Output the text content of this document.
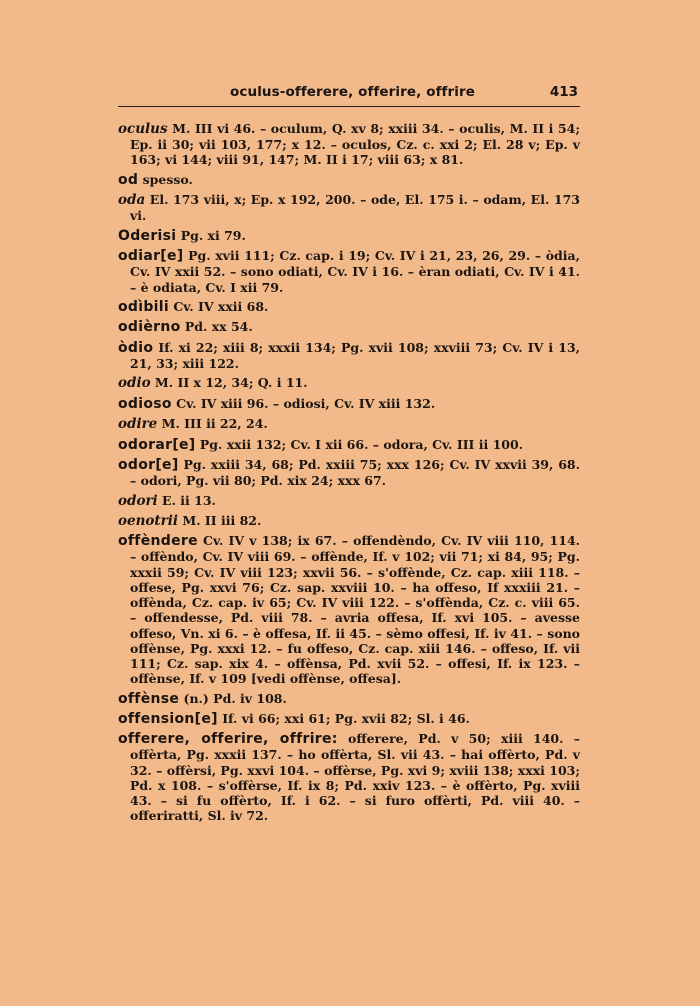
oculus-offerere, offerire, offrire	413
oculus M. III vi 46. – oculum, Q. xv 8; xxiii 34. – oculis, M. II i 54; Ep. ii 30; vii 103, 177; x 12. – oculos, Cz. c. xxi 2; El. 28 v; Ep. v 163; vi 144; viii 91, 147; M. II i 17; viii 63; x 81.
od spesso.
oda El. 173 viii, x; Ep. x 192, 200. – ode, El. 175 i. – odam, El. 173 vi.
Oderisi Pg. xi 79.
odiar[e] Pg. xvii 111; Cz. cap. i 19; Cv. IV i 21, 23, 26, 29. – òdia, Cv. IV xxii 52. – sono odiati, Cv. IV i 16. – èran odiati, Cv. IV i 41. – è odiata, Cv. I xii 79.
odìbili Cv. IV xxii 68.
odièrno Pd. xx 54.
òdio If. xi 22; xiii 8; xxxii 134; Pg. xvii 108; xxviii 73; Cv. IV i 13, 21, 33; xiii 122.
odio M. II x 12, 34; Q. i 11.
odioso Cv. IV xiii 96. – odiosi, Cv. IV xiii 132.
odire M. III ii 22, 24.
odorar[e] Pg. xxii 132; Cv. I xii 66. – odora, Cv. III ii 100.
odor[e] Pg. xxiii 34, 68; Pd. xxiii 75; xxx 126; Cv. IV xxvii 39, 68. – odori, Pg. vii 80; Pd. xix 24; xxx 67.
odori E. ii 13.
oenotrii M. II iii 82.
offèndere Cv. IV v 138; ix 67. – offendèndo, Cv. IV viii 110, 114. – offèndo, Cv. IV viii 69. – offènde, If. v 102; vii 71; xi 84, 95; Pg. xxxii 59; Cv. IV viii 123; xxvii 56. – s'offènde, Cz. cap. xiii 118. – offese, Pg. xxvi 76; Cz. sap. xxviii 10. – ha offeso, If xxxiii 21. – offènda, Cz. cap. iv 65; Cv. IV viii 122. – s'offènda, Cz. c. viii 65. – offendesse, Pd. viii 78. – avria offesa, If. xvi 105. – avesse offeso, Vn. xi 6. – è offesa, If. ii 45. – sèmo offesi, If. iv 41. – sono offènse, Pg. xxxi 12. – fu offeso, Cz. cap. xiii 146. – offeso, If. vii 111; Cz. sap. xix 4. – offènsa, Pd. xvii 52. – offesi, If. ix 123. – offènse, If. v 109 [vedi offènse, offesa].
offènse (n.) Pd. iv 108.
offension[e] If. vi 66; xxi 61; Pg. xvii 82; Sl. i 46.
offerere, offerire, offrire: offerere, Pd. v 50; xiii 140. – offèrta, Pg. xxxii 137. – ho offèrta, Sl. vii 43. – hai offèrto, Pd. v 32. – offèrsi, Pg. xxvi 104. – offèrse, Pg. xvi 9; xviii 138; xxxi 103; Pd. x 108. – s'offèrse, If. ix 8; Pd. xxiv 123. – è offèrto, Pg. xviii 43. – si fu offèrto, If. i 62. – si furo offèrti, Pd. viii 40. – offeriratti, Sl. iv 72.
